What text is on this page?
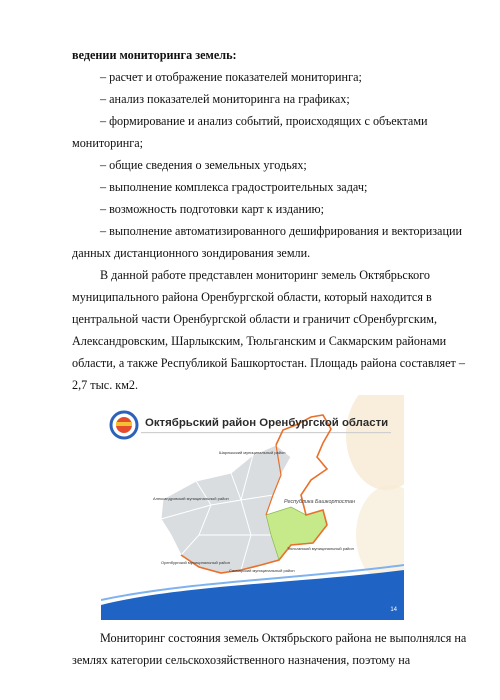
ведении мониторинга земель:
– расчет и отображение показателей мониторинга;
– анализ показателей мониторинга на графиках;
– формирование и анализ событий, происходящих с объектами
мониторинга;
– общие сведения о земельных угодьях;
– выполнение комплекса градостроительных задач;
– возможность подготовки карт к изданию;
– выполнение автоматизированного дешифрирования и векторизации
данных дистанционного зондирования земли.
В данной работе представлен мониторинг земель Октябрьского
муниципального района Оренбургской области, который находится в
центральной части Оренбургской области и граничит сОренбургским,
Александровским, Шарлыкским, Тюльганским и Сакмарским районами
области, а также Республикой Башкортостан. Площадь района составляет –
2,7 тыс. км2.
Октябрьский район Оренбургской области
Республика Башкортостан
Шарлыкский муниципальный район
Александровский муниципальный район
Оренбургский муниципальный район
Сакмарский муниципальный район
Тюльганский муниципальный район
14
Мониторинг состояния земель Октябрьского района не выполнялся на
землях категории сельскохозяйственного назначения, поэтому на
